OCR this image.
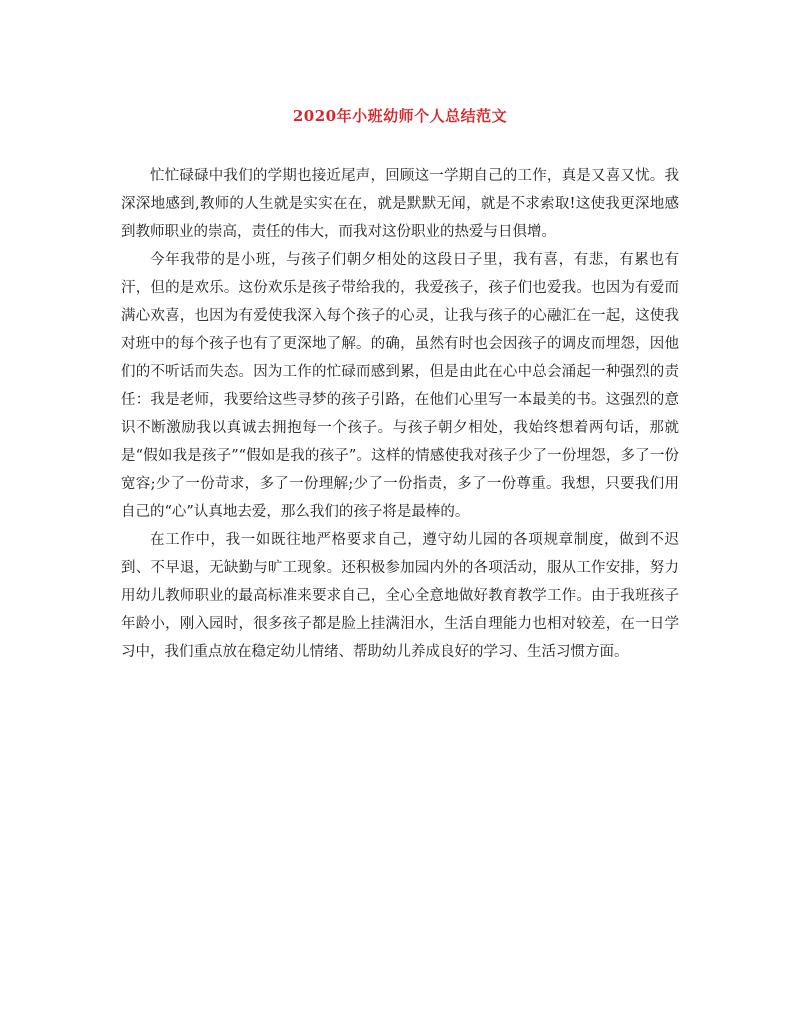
2020年小班幼师个人总结范文

忙忙碌碌中我们的学期也接近尾声，回顾这一学期自己的工作，真是又喜又忧。我深深地感到,教师的人生就是实实在在，就是默默无闻，就是不求索取!这使我更深地感到教师职业的崇高，责任的伟大，而我对这份职业的热爱与日俱增。

今年我带的是小班，与孩子们朝夕相处的这段日子里，我有喜，有悲，有累也有汗，但的是欢乐。这份欢乐是孩子带给我的，我爱孩子，孩子们也爱我。也因为有爱而满心欢喜，也因为有爱使我深入每个孩子的心灵，让我与孩子的心融汇在一起，这使我对班中的每个孩子也有了更深地了解。的确，虽然有时也会因孩子的调皮而埋怨，因他们的不听话而失态。因为工作的忙碌而感到累，但是由此在心中总会涌起一种强烈的责任：我是老师，我要给这些寻梦的孩子引路，在他们心里写一本最美的书。这强烈的意识不断激励我以真诚去拥抱每一个孩子。与孩子朝夕相处，我始终想着两句话，那就是“假如我是孩子”“假如是我的孩子”。这样的情感使我对孩子少了一份埋怨，多了一份宽容;少了一份苛求，多了一份理解;少了一份指责，多了一份尊重。我想，只要我们用自己的“心”认真地去爱，那么我们的孩子将是最棒的。

在工作中，我一如既往地严格要求自己，遵守幼儿园的各项规章制度，做到不迟到、不早退，无缺勤与旷工现象。还积极参加园内外的各项活动，服从工作安排，努力用幼儿教师职业的最高标准来要求自己，全心全意地做好教育教学工作。由于我班孩子年龄小，刚入园时，很多孩子都是脸上挂满泪水，生活自理能力也相对较差，在一日学习中，我们重点放在稳定幼儿情绪、帮助幼儿养成良好的学习、生活习惯方面。
